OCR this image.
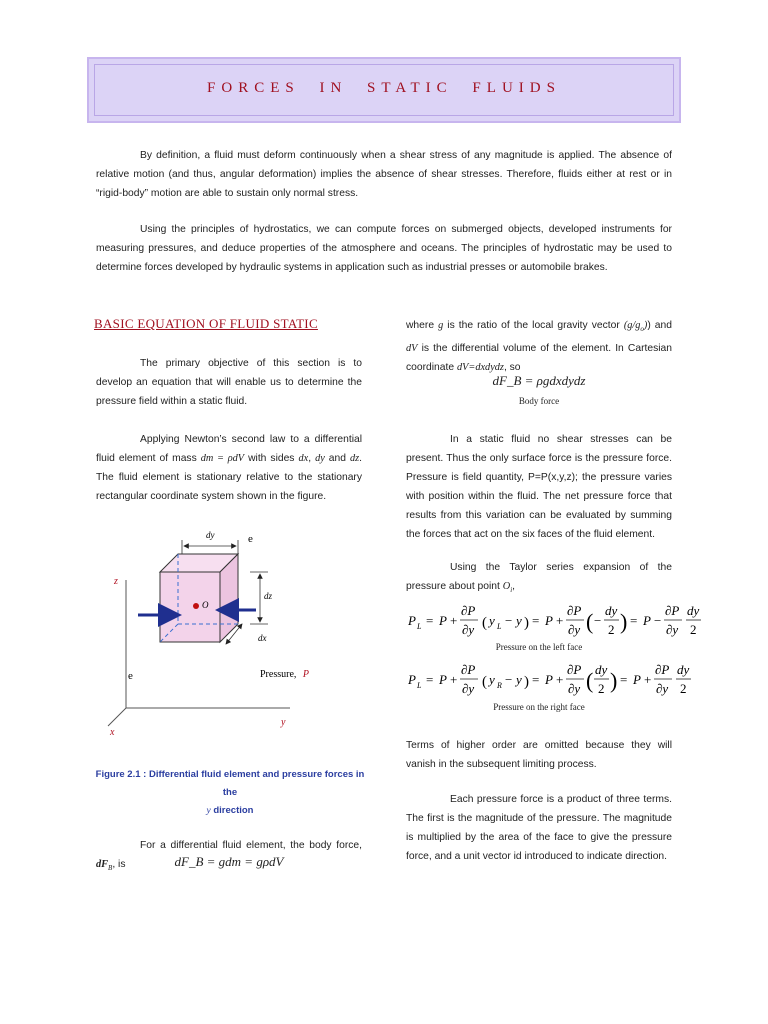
FORCES IN STATIC FLUIDS

By definition, a fluid must deform continuously when a shear stress of any magnitude is applied. The absence of relative motion (and thus, angular deformation) implies the absence of shear stresses. Therefore, fluids either at rest or in “rigid-body” motion are able to sustain only normal stress.

Using the principles of hydrostatics, we can compute forces on submerged objects, developed instruments for measuring pressures, and deduce properties of the atmosphere and oceans. The principles of hydrostatic may be used to determine forces developed by hydraulic systems in application such as industrial presses or automobile brakes.

BASIC EQUATION OF FLUID STATIC

The primary objective of this section is to develop an equation that will enable us to determine the pressure field within a static fluid.

Applying Newton’s second law to a differential fluid element of mass dm = ρdV with sides dx, dy and dz. The fluid element is stationary relative to the stationary rectangular coordinate system shown in the figure.

z
y
x
O
dy	e
dz
dx
e	Pressure, P
Figure 2.1 : Differential fluid element and pressure forces in the
y direction

For a differential fluid element, the body force, $dF_B$, is	dF_B = gdm = gρdV

where g is the ratio of the local gravity vector $(g/g_o)$) and dV is the differential volume of the element. In Cartesian coordinate dV=dxdydz, so

dF_B = ρgdxdydz
Body force

In a static fluid no shear stresses can be present. Thus the only surface force is the pressure force. Pressure is field quantity, P=P(x,y,z); the pressure varies with position within the fluid. The net pressure force that results from this variation can be evaluated by summing the forces that act on the six faces of the fluid element.

Using the Taylor series expansion of the pressure about point $O_i$,

P L = P +
∂P
∂y ( y L − y ) = P +
∂P
∂y ( −
dy
2 ) = P −
∂P
∂y
dy
2
Pressure on the left face
P L = P +
∂P
∂y ( y R − y ) = P +
∂P
∂y ( dy
2 ) = P +
∂P
∂y
dy
2
Pressure on the right face

Terms of higher order are omitted because they will vanish in the subsequent limiting process.

Each pressure force is a product of three terms. The first is the magnitude of the pressure. The magnitude is multiplied by the area of the face to give the pressure force, and a unit vector id introduced to indicate direction.
